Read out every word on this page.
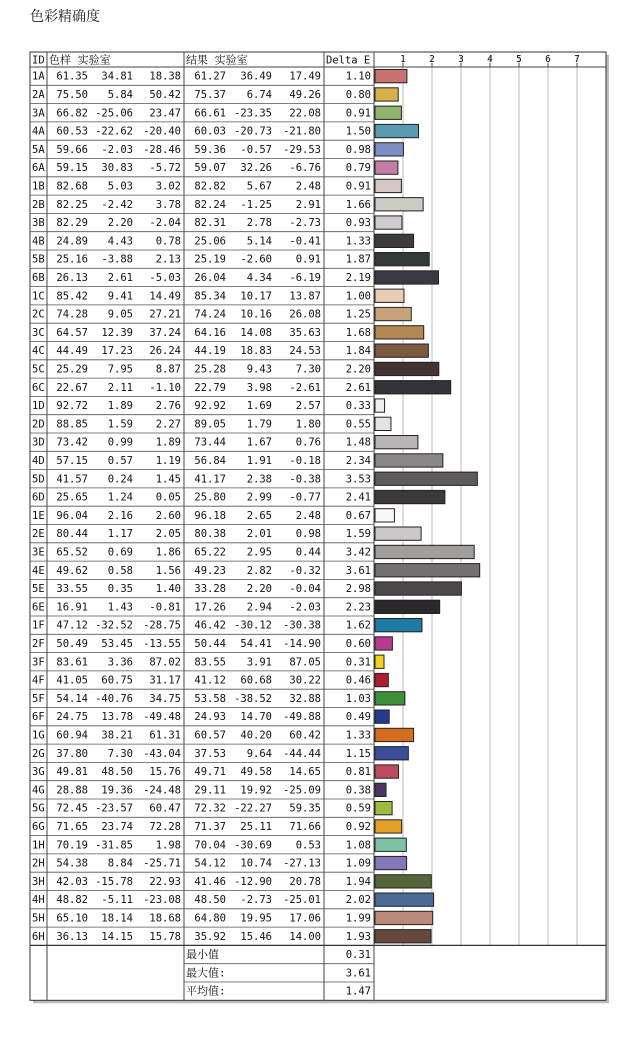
色彩精确度
ID 色样 实验室	结果 实验室	Delta E	1 2 3 4 5 6 7
1A 61.35 34.81 18.38 61.27 36.49 17.49 1.10
2A 75.50 5.84 50.42 75.37 6.74 49.26 0.80
3A 66.82 -25.06 23.47 66.61 -23.35 22.08 0.91
4A 60.53 -22.62 -20.40 60.03 -20.73 -21.80 1.50
5A 59.66 -2.03 -28.46 59.36 -0.57 -29.53 0.98
6A 59.15 30.83 -5.72 59.07 32.26 -6.76 0.79
1B 82.68 5.03 3.02 82.82 5.67 2.48 0.91
2B 82.25 -2.42 3.78 82.24 -1.25 2.91 1.66
3B 82.29 2.20 -2.04 82.31 2.78 -2.73 0.93
4B 24.89 4.43 0.78 25.06 5.14 -0.41 1.33
5B 25.16 -3.88 2.13 25.19 -2.60 0.91 1.87
6B 26.13 2.61 -5.03 26.04 4.34 -6.19 2.19
1C 85.42 9.41 14.49 85.34 10.17 13.87 1.00
2C 74.28 9.05 27.21 74.24 10.16 26.08 1.25
3C 64.57 12.39 37.24 64.16 14.08 35.63 1.68
4C 44.49 17.23 26.24 44.19 18.83 24.53 1.84
5C 25.29 7.95 8.87 25.28 9.43 7.30 2.20
6C 22.67 2.11 -1.10 22.79 3.98 -2.61 2.61
1D 92.72 1.89 2.76 92.92 1.69 2.57 0.33
2D 88.85 1.59 2.27 89.05 1.79 1.80 0.55
3D 73.42 0.99 1.89 73.44 1.67 0.76 1.48
4D 57.15 0.57 1.19 56.84 1.91 -0.18 2.34
5D 41.57 0.24 1.45 41.17 2.38 -0.38 3.53
6D 25.65 1.24 0.05 25.80 2.99 -0.77 2.41
1E 96.04 2.16 2.60 96.18 2.65 2.48 0.67
2E 80.44 1.17 2.05 80.38 2.01 0.98 1.59
3E 65.52 0.69 1.86 65.22 2.95 0.44 3.42
4E 49.62 0.58 1.56 49.23 2.82 -0.32 3.61
5E 33.55 0.35 1.40 33.28 2.20 -0.04 2.98
6E 16.91 1.43 -0.81 17.26 2.94 -2.03 2.23
1F 47.12 -32.52 -28.75 46.42 -30.12 -30.38 1.62
2F 50.49 53.45 -13.55 50.44 54.41 -14.90 0.60
3F 83.61 3.36 87.02 83.55 3.91 87.05 0.31
4F 41.05 60.75 31.17 41.12 60.68 30.22 0.46
5F 54.14 -40.76 34.75 53.58 -38.52 32.88 1.03
6F 24.75 13.78 -49.48 24.93 14.70 -49.88 0.49
1G 60.94 38.21 61.31 60.57 40.20 60.42 1.33
2G 37.80 7.30 -43.04 37.53 9.64 -44.44 1.15
3G 49.81 48.50 15.76 49.71 49.58 14.65 0.81
4G 28.88 19.36 -24.48 29.11 19.92 -25.09 0.38
5G 72.45 -23.57 60.47 72.32 -22.27 59.35 0.59
6G 71.65 23.74 72.28 71.37 25.11 71.66 0.92
1H 70.19 -31.85 1.98 70.04 -30.69 0.53 1.08
2H 54.38 8.84 -25.71 54.12 10.74 -27.13 1.09
3H 42.03 -15.78 22.93 41.46 -12.90 20.78 1.94
4H 48.82 -5.11 -23.08 48.50 -2.73 -25.01 2.02
5H 65.10 18.14 18.68 64.80 19.95 17.06 1.99
6H 36.13 14.15 15.78 35.92 15.46 14.00 1.93
最小值	0.31
最大值:	3.61
平均值:	1.47
